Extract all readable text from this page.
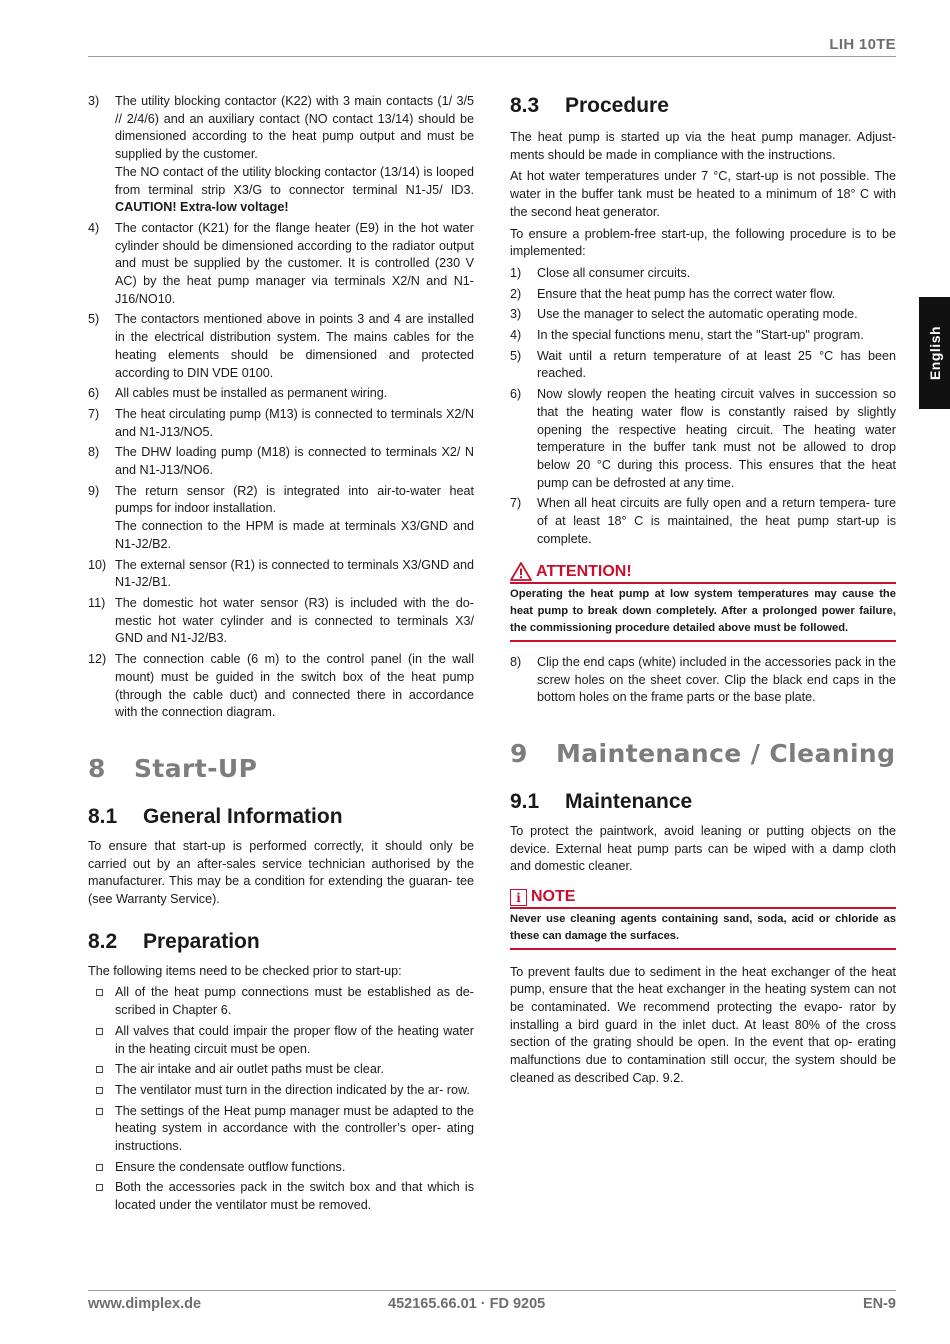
LIH 10TE
English
3) The utility blocking contactor (K22) with 3 main contacts (1/ 3/5 // 2/4/6) and an auxiliary contact (NO contact 13/14) should be dimensioned according to the heat pump output and must be supplied by the customer.
The NO contact of the utility blocking contactor (13/14) is looped from terminal strip X3/G to connector terminal N1-J5/ ID3. CAUTION! Extra-low voltage!
4) The contactor (K21) for the flange heater (E9) in the hot water cylinder should be dimensioned according to the radiator output and must be supplied by the customer. It is controlled (230 V AC) by the heat pump manager via terminals X2/N and N1-J16/NO10.
5) The contactors mentioned above in points 3 and 4 are installed in the electrical distribution system. The mains cables for the heating elements should be dimensioned and protected according to DIN VDE 0100.
6) All cables must be installed as permanent wiring.
7) The heat circulating pump (M13) is connected to terminals X2/N and N1-J13/NO5.
8) The DHW loading pump (M18) is connected to terminals X2/ N and N1-J13/NO6.
9) The return sensor (R2) is integrated into air-to-water heat pumps for indoor installation.
The connection to the HPM is made at terminals X3/GND and N1-J2/B2.
10) The external sensor (R1) is connected to terminals X3/GND and N1-J2/B1.
11) The domestic hot water sensor (R3) is included with the do- mestic hot water cylinder and is connected to terminals X3/ GND and N1-J2/B3.
12) The connection cable (6 m) to the control panel (in the wall mount) must be guided in the switch box of the heat pump (through the cable duct) and connected there in accordance with the connection diagram.
8 Start-UP
8.1 General Information

To ensure that start-up is performed correctly, it should only be carried out by an after-sales service technician authorised by the manufacturer. This may be a condition for extending the guaran- tee (see Warranty Service).

8.2 Preparation

The following items need to be checked prior to start-up:

All of the heat pump connections must be established as de- scribed in Chapter 6.
All valves that could impair the proper flow of the heating water in the heating circuit must be open.
The air intake and air outlet paths must be clear.
The ventilator must turn in the direction indicated by the ar- row.
The settings of the Heat pump manager must be adapted to the heating system in accordance with the controller’s oper- ating instructions.
Ensure the condensate outflow functions.
Both the accessories pack in the switch box and that which is located under the ventilator must be removed.
8.3 Procedure

The heat pump is started up via the heat pump manager. Adjust- ments should be made in compliance with the instructions.

At hot water temperatures under 7 °C, start-up is not possible. The water in the buffer tank must be heated to a minimum of 18° C with the second heat generator.

To ensure a problem-free start-up, the following procedure is to be implemented:

1) Close all consumer circuits.
2) Ensure that the heat pump has the correct water flow.
3) Use the manager to select the automatic operating mode.
4) In the special functions menu, start the "Start-up" program.
5) Wait until a return temperature of at least 25 °C has been reached.
6) Now slowly reopen the heating circuit valves in succession so that the heating water flow is constantly raised by slightly opening the respective heating circuit. The heating water temperature in the buffer tank must not be allowed to drop below 20 °C during this process. This ensures that the heat pump can be defrosted at any time.
7) When all heat circuits are fully open and a return tempera- ture of at least 18° C is maintained, the heat pump start-up is complete.
ATTENTION!
Operating the heat pump at low system temperatures may cause the heat pump to break down completely. After a prolonged power failure, the commissioning procedure detailed above must be followed.
8) Clip the end caps (white) included in the accessories pack in the screw holes on the sheet cover. Clip the black end caps in the bottom holes on the frame parts or the base plate.
9 Maintenance / Cleaning
9.1 Maintenance

To protect the paintwork, avoid leaning or putting objects on the device. External heat pump parts can be wiped with a damp cloth and domestic cleaner.

i NOTE
Never use cleaning agents containing sand, soda, acid or chloride as these can damage the surfaces.

To prevent faults due to sediment in the heat exchanger of the heat pump, ensure that the heat exchanger in the heating system can not be contaminated. We recommend protecting the evapo- rator by installing a bird guard in the inlet duct. At least 80% of the cross section of the grating should be open. In the event that op- erating malfunctions due to contamination still occur, the system should be cleaned as described Cap. 9.2.

www.dimplex.de	452165.66.01 · FD 9205	EN-9
